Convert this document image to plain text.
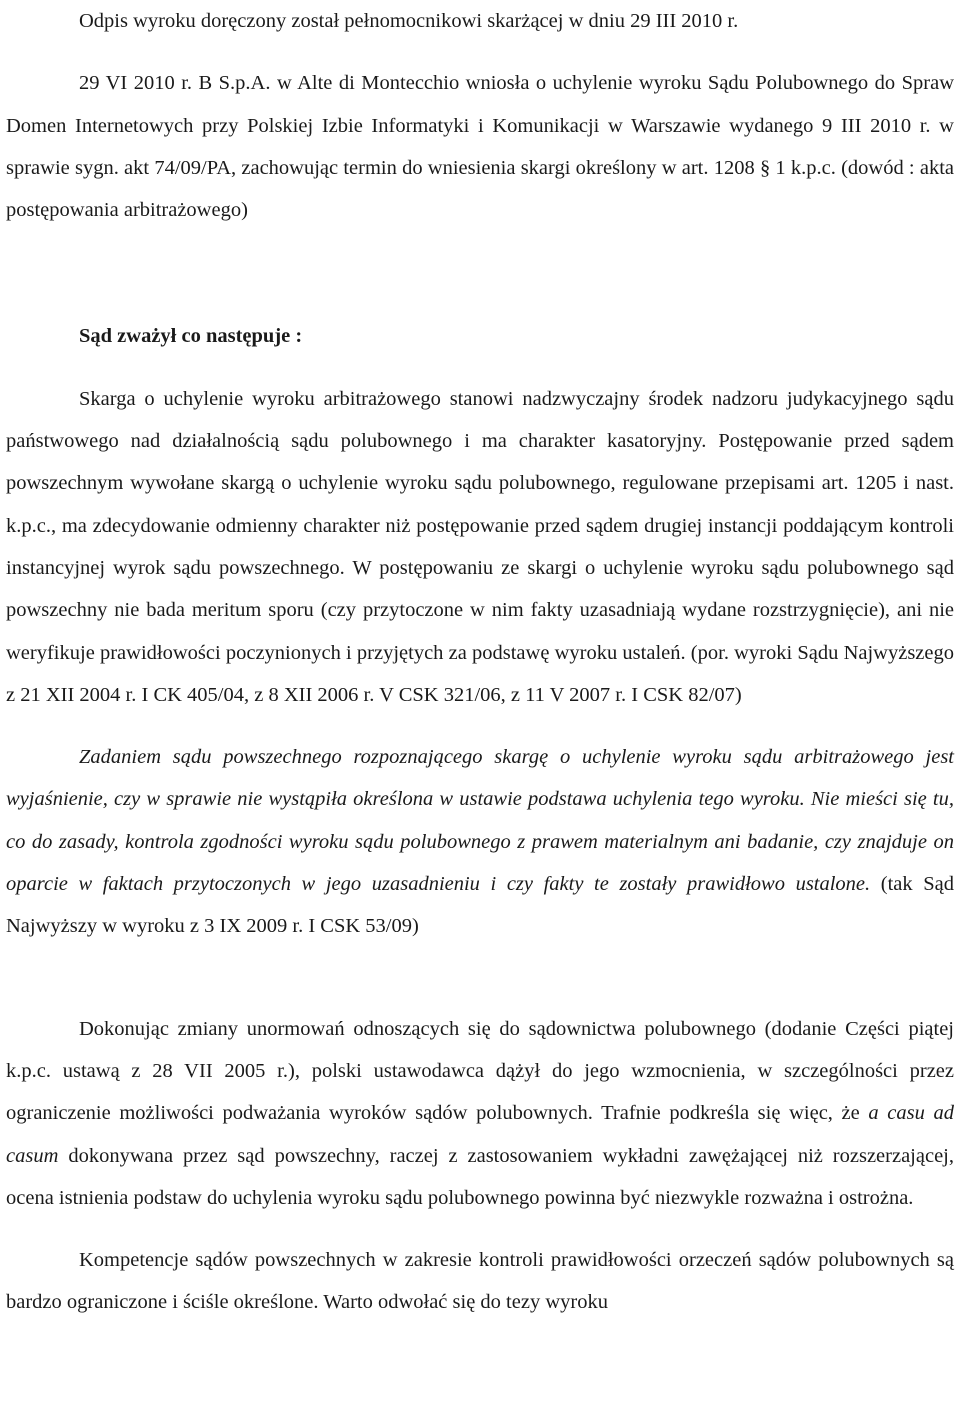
Odpis wyroku doręczony został pełnomocnikowi skarżącej w dniu 29 III 2010 r.

29 VI 2010 r. B S.p.A. w Alte di Montecchio wniosła o uchylenie wyroku Sądu Polubownego do Spraw Domen Internetowych przy Polskiej Izbie Informatyki i Komunikacji w Warszawie wydanego 9 III 2010 r. w sprawie sygn. akt 74/09/PA, zachowując termin do wniesienia skargi określony w art. 1208 § 1 k.p.c. (dowód : akta postępowania arbitrażowego)

Sąd zważył co następuje :

Skarga o uchylenie wyroku arbitrażowego stanowi nadzwyczajny środek nadzoru judykacyjnego sądu państwowego nad działalnością sądu polubownego i ma charakter kasatoryjny. Postępowanie przed sądem powszechnym wywołane skargą o uchylenie wyroku sądu polubownego, regulowane przepisami art. 1205 i nast. k.p.c., ma zdecydowanie odmienny charakter niż postępowanie przed sądem drugiej instancji poddającym kontroli instancyjnej wyrok sądu powszechnego. W postępowaniu ze skargi o uchylenie wyroku sądu polubownego sąd powszechny nie bada meritum sporu (czy przytoczone w nim fakty uzasadniają wydane rozstrzygnięcie), ani nie weryfikuje prawidłowości poczynionych i przyjętych za podstawę wyroku ustaleń. (por. wyroki Sądu Najwyższego z 21 XII 2004 r. I CK 405/04, z 8 XII 2006 r. V CSK 321/06, z 11 V 2007 r. I CSK 82/07)

Zadaniem sądu powszechnego rozpoznającego skargę o uchylenie wyroku sądu arbitrażowego jest wyjaśnienie, czy w sprawie nie wystąpiła określona w ustawie podstawa uchylenia tego wyroku. Nie mieści się tu, co do zasady, kontrola zgodności wyroku sądu polubownego z prawem materialnym ani badanie, czy znajduje on oparcie w faktach przytoczonych w jego uzasadnieniu i czy fakty te zostały prawidłowo ustalone. (tak Sąd Najwyższy w wyroku z 3 IX 2009 r. I CSK 53/09)

Dokonując zmiany unormowań odnoszących się do sądownictwa polubownego (dodanie Części piątej k.p.c. ustawą z 28 VII 2005 r.), polski ustawodawca dążył do jego wzmocnienia, w szczególności przez ograniczenie możliwości podważania wyroków sądów polubownych. Trafnie podkreśla się więc, że a casu ad casum dokonywana przez sąd powszechny, raczej z zastosowaniem wykładni zawężającej niż rozszerzającej, ocena istnienia podstaw do uchylenia wyroku sądu polubownego powinna być niezwykle rozważna i ostrożna.

Kompetencje sądów powszechnych w zakresie kontroli prawidłowości orzeczeń sądów polubownych są bardzo ograniczone i ściśle określone. Warto odwołać się do tezy wyroku
